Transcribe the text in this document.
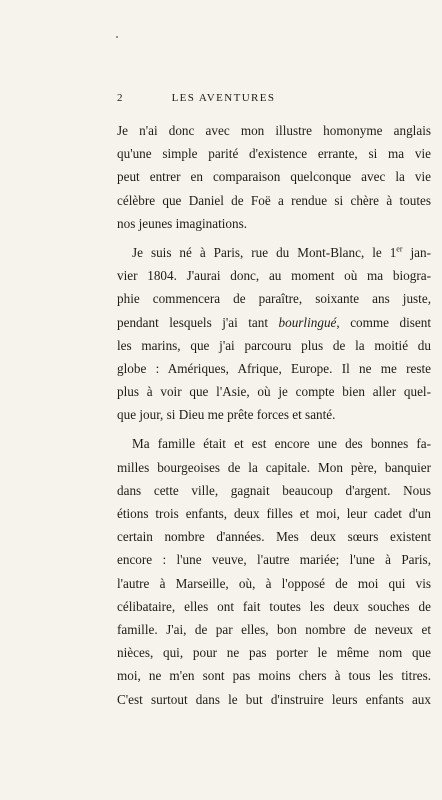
2	LES AVENTURES
Je n'ai donc avec mon illustre homonyme anglais
qu'une simple parité d'existence errante, si ma vie
peut entrer en comparaison quelconque avec la vie
célèbre que Daniel de Foë a rendue si chère à toutes
nos jeunes imaginations.
Je suis né à Paris, rue du Mont-Blanc, le 1er jan-
vier 1804. J'aurai donc, au moment où ma biogra-
phie commencera de paraître, soixante ans juste,
pendant lesquels j'ai tant bourlingué, comme disent
les marins, que j'ai parcouru plus de la moitié du
globe : Amériques, Afrique, Europe. Il ne me reste
plus à voir que l'Asie, où je compte bien aller quel-
que jour, si Dieu me prête forces et santé.
Ma famille était et est encore une des bonnes fa-
milles bourgeoises de la capitale. Mon père, banquier
dans cette ville, gagnait beaucoup d'argent. Nous
étions trois enfants, deux filles et moi, leur cadet d'un
certain nombre d'années. Mes deux sœurs existent
encore : l'une veuve, l'autre mariée; l'une à Paris,
l'autre à Marseille, où, à l'opposé de moi qui vis
célibataire, elles ont fait toutes les deux souches de
famille. J'ai, de par elles, bon nombre de neveux et
nièces, qui, pour ne pas porter le même nom que
moi, ne m'en sont pas moins chers à tous les titres.
C'est surtout dans le but d'instruire leurs enfants aux
